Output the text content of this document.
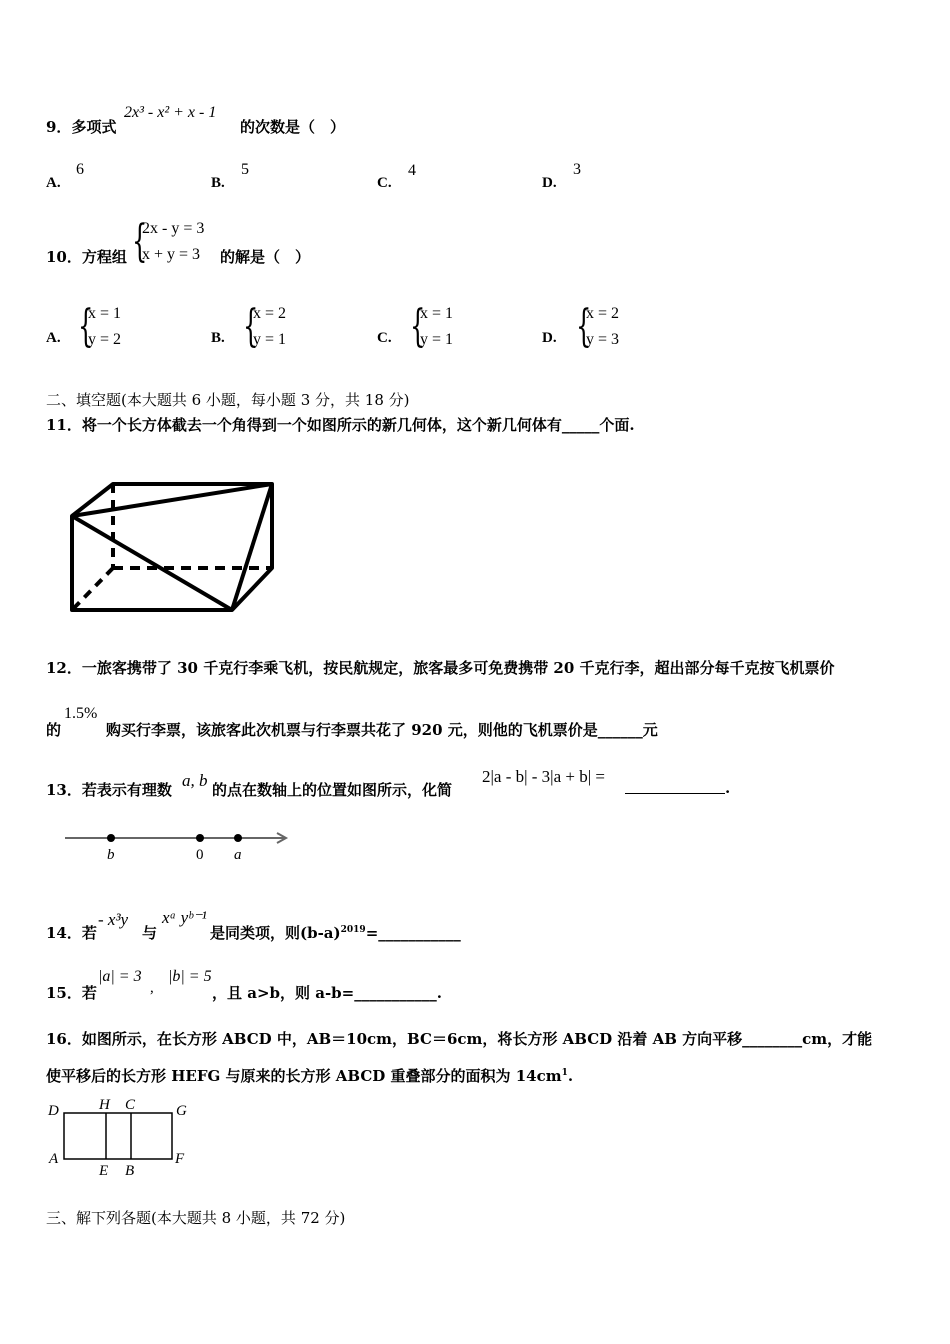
9．多项式
2x³ - x² + x - 1
的次数是（　）
A.
6
B.
5
C.
4
D.
3
10．方程组 {
2x - y = 3
x + y = 3 的解是（　）
A. {
x = 1
y = 2	B. {
x = 2
y = 1	C. {
x = 1
y = 1	D. {
x = 2
y = 3
二、填空题(本大题共 6 小题，每小题 3 分，共 18 分)
11．将一个长方体截去一个角得到一个如图所示的新几何体，这个新几何体有_____个面.
12．一旅客携带了 30 千克行李乘飞机，按民航规定，旅客最多可免费携带 20 千克行李，超出部分每千克按飞机票价
的
1.5%
购买行李票，该旅客此次机票与行李票共花了 920 元，则他的飞机票价是______元
13．若表示有理数 a, b 的点在数轴上的位置如图所示，化简
2|a - b| - 3|a + b| =
.
b	0 a
14．若
- x³y
与
xᵃ yᵇ⁻¹
是同类项，则$(b-a)^{2019}=\_\_\_\_\_\_\_\_\_\_\_$
15．若
|a| = 3
,
|b| = 5
，且 a>b，则 a-b=___________.
16．如图所示，在长方形 ABCD 中，AB＝10cm，BC＝6cm，将长方形 ABCD 沿着 AB 方向平移________cm，才能
使平移后的长方形 HEFG 与原来的长方形 ABCD 重叠部分的面积为 $14cm^1$.
D	H C	G
A
E B
F
三、解下列各题(本大题共 8 小题，共 72 分)
